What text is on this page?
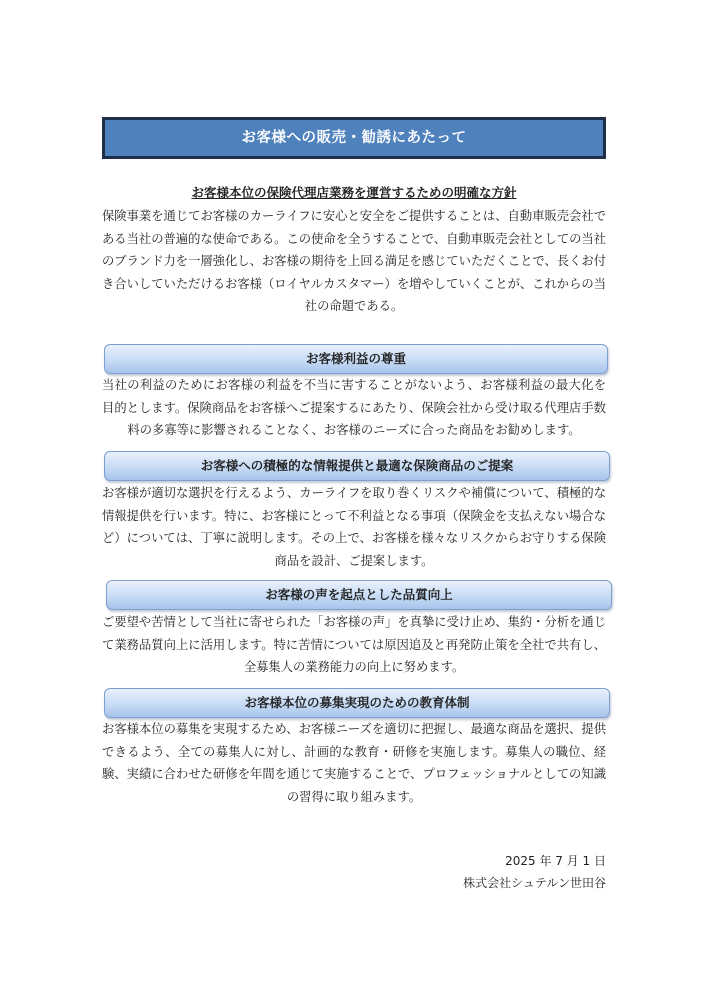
お客様への販売・勧誘にあたって
お客様本位の保険代理店業務を運営するための明確な方針

保険事業を通じてお客様のカーライフに安心と安全をご提供することは、自動車販売会社である当社の普遍的な使命である。この使命を全うすることで、自動車販売会社としての当社のブランド力を一層強化し、お客様の期待を上回る満足を感じていただくことで、長くお付き合いしていただけるお客様（ロイヤルカスタマー）を増やしていくことが、これからの当社の命題である。

お客様利益の尊重

当社の利益のためにお客様の利益を不当に害することがないよう、お客様利益の最大化を目的とします。保険商品をお客様へご提案するにあたり、保険会社から受け取る代理店手数料の多寡等に影響されることなく、お客様のニーズに合った商品をお勧めします。

お客様への積極的な情報提供と最適な保険商品のご提案

お客様が適切な選択を行えるよう、カーライフを取り巻くリスクや補償について、積極的な情報提供を行います。特に、お客様にとって不利益となる事項（保険金を支払えない場合など）については、丁寧に説明します。その上で、お客様を様々なリスクからお守りする保険商品を設計、ご提案します。

お客様の声を起点とした品質向上

ご要望や苦情として当社に寄せられた「お客様の声」を真摯に受け止め、集約・分析を通じて業務品質向上に活用します。特に苦情については原因追及と再発防止策を全社で共有し、全募集人の業務能力の向上に努めます。

お客様本位の募集実現のための教育体制

お客様本位の募集を実現するため、お客様ニーズを適切に把握し、最適な商品を選択、提供できるよう、全ての募集人に対し、計画的な教育・研修を実施します。募集人の職位、経験、実績に合わせた研修を年間を通じて実施することで、プロフェッショナルとしての知識の習得に取り組みます。

2025 年 7 月 1 日
株式会社シュテルン世田谷
